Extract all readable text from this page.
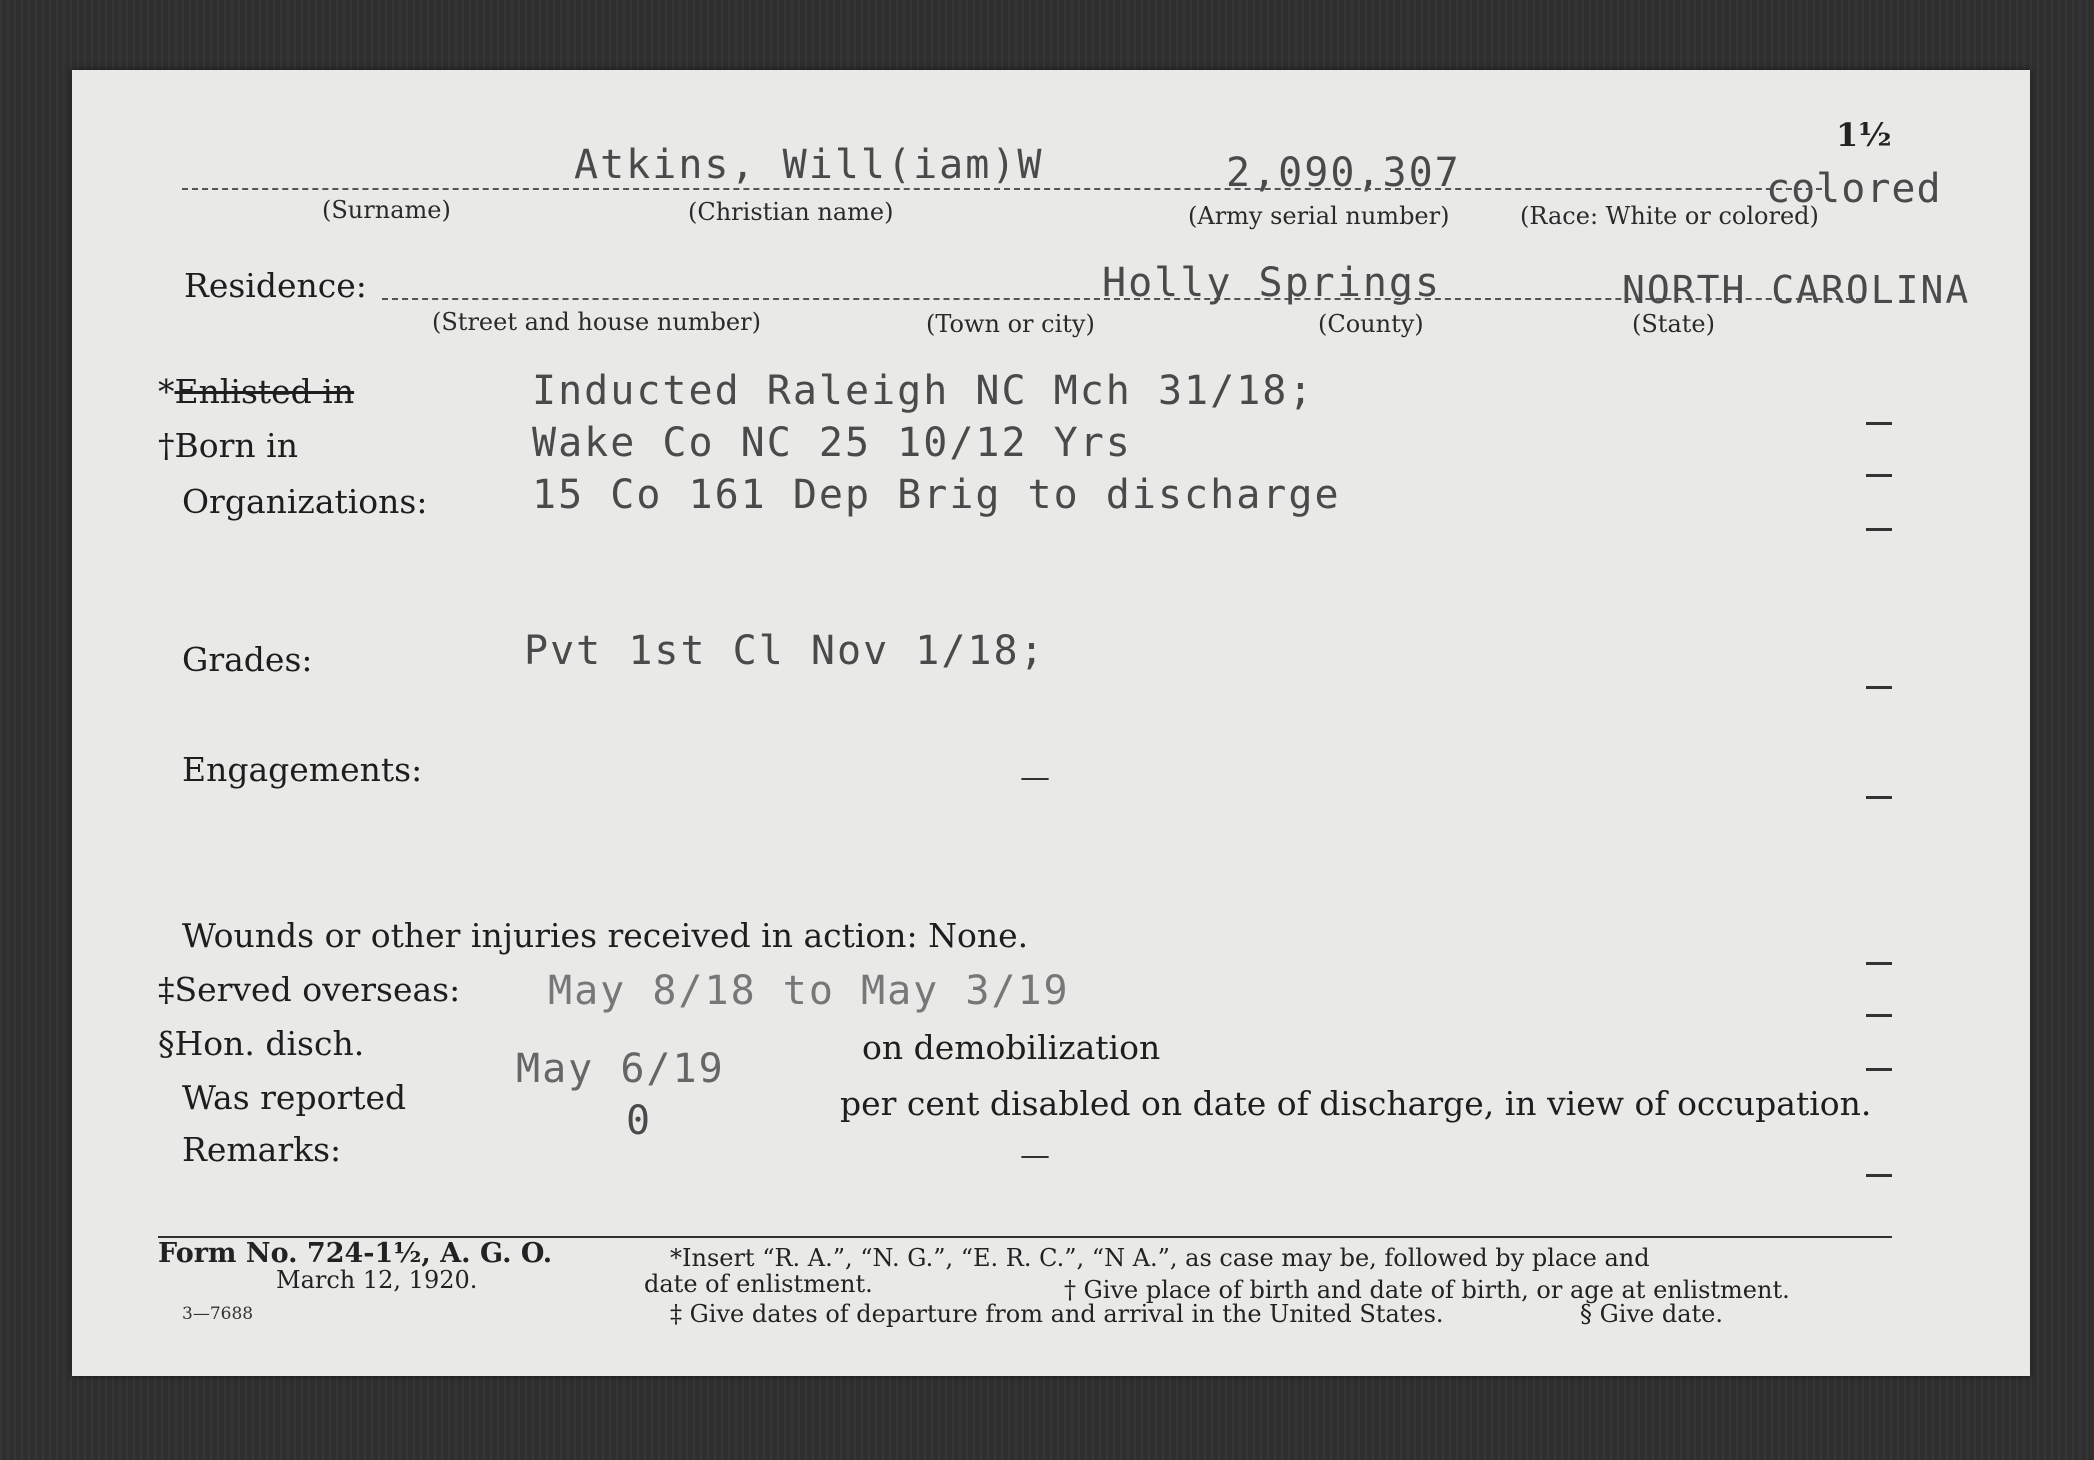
1½
Atkins, Will(iam)W	2,090,307	colored
(Surname)	(Christian name)	(Army serial number)	(Race: White or colored)
Residence:	Holly Springs	NORTH CAROLINA
(Street and house number)	(Town or city)	(County)	(State)
*Enlisted in	Inducted Raleigh NC Mch 31/18;
†Born in	Wake Co NC 25 10/12 Yrs
Organizations:	15 Co 161 Dep Brig to discharge
Grades:	Pvt 1st Cl Nov 1/18;
Engagements:	—
Wounds or other injuries received in action: None.
‡Served overseas: May 8/18 to May 3/19
§Hon. disch.
May 6/19	on demobilization
Was reported
0	per cent disabled on date of discharge, in view of occupation.
Remarks:	—
Form No. 724-1½, A. G. O.
March 12, 1920.
3—7688
*Insert “R. A.”, “N. G.”, “E. R. C.”, “N A.”, as case may be, followed by place and
date of enlistment.	† Give place of birth and date of birth, or age at enlistment.
‡ Give dates of departure from and arrival in the United States.	§ Give date.
